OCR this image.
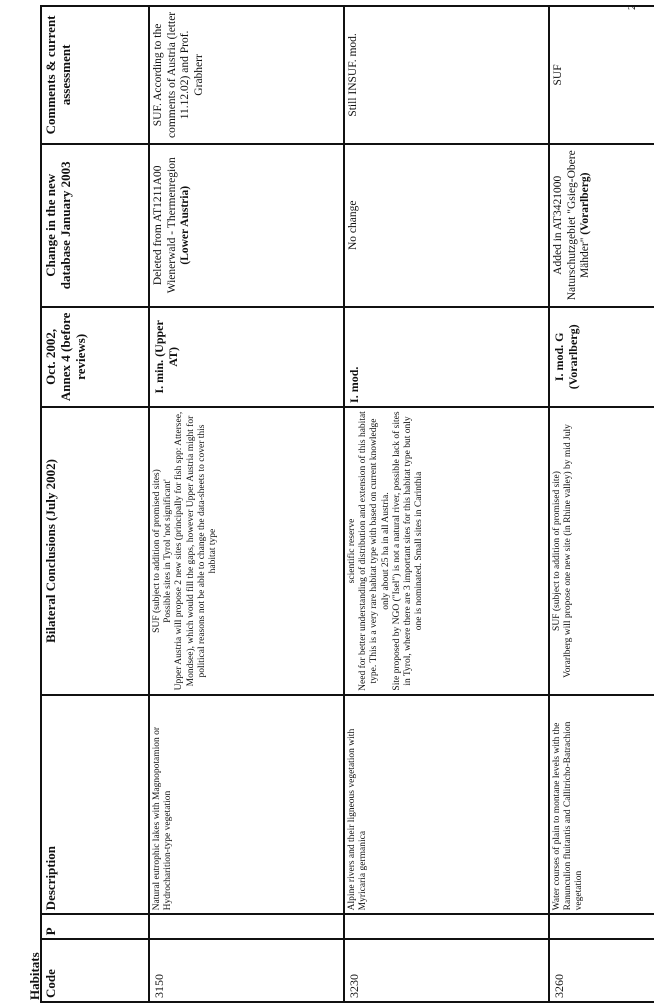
2
Habitats Code	P	Description	Bilateral Conclusions (July 2002)	Oct. 2002, Annex 4 (before reviews)	Change in the new database January 2003	Comments & current assessment
3150		Natural eutrophic lakes with Magnopotamion or Hydrocharition-type vegetation	SUF (subject to addition of promised sites) Possible sites in Tyrol 'not significant' Upper Austria will propose 2 new sites (principally for fish spp: Attersee, Mondsee), which would fill the gaps, however Upper Austria might for political reasons not be able to change the data-sheets to cover this habitat type	I. min. (Upper AT)	Deleted from AT1211A00 Wienerwald - Thermenregion (Lower Austria)	SUF. According to the comments of Austria (letter 11.12.02) and Prof. Grabherr
3230		Alpine rivers and their ligneous vegetation with Myricaria germanica	scientific reserve Need for better understanding of distribution and extension of this habitat type. This is a very rare habitat type with based on current knowledge only about 25 ha in all Austria. Site proposed by NGO ("Isel") is not a natural river, possible lack of sites in Tyrol, where there are 3 important sites for this habitat type but only one is nominated. Small sites in Carinthia	I. mod.	No change	Still INSUF. mod.
3260		Water courses of plain to montane levels with the Ranunculion fluitantis and Callitricho-Batrachion vegetation	SUF (subject to addition of promised site) Vorarlberg will propose one new site (in Rhine valley) by mid July	I. mod. G (Vorarlberg)	Added in AT3421000 Naturschutzgebiet "Gsieg-Obere Mähder" (Vorarlberg)	SUF
